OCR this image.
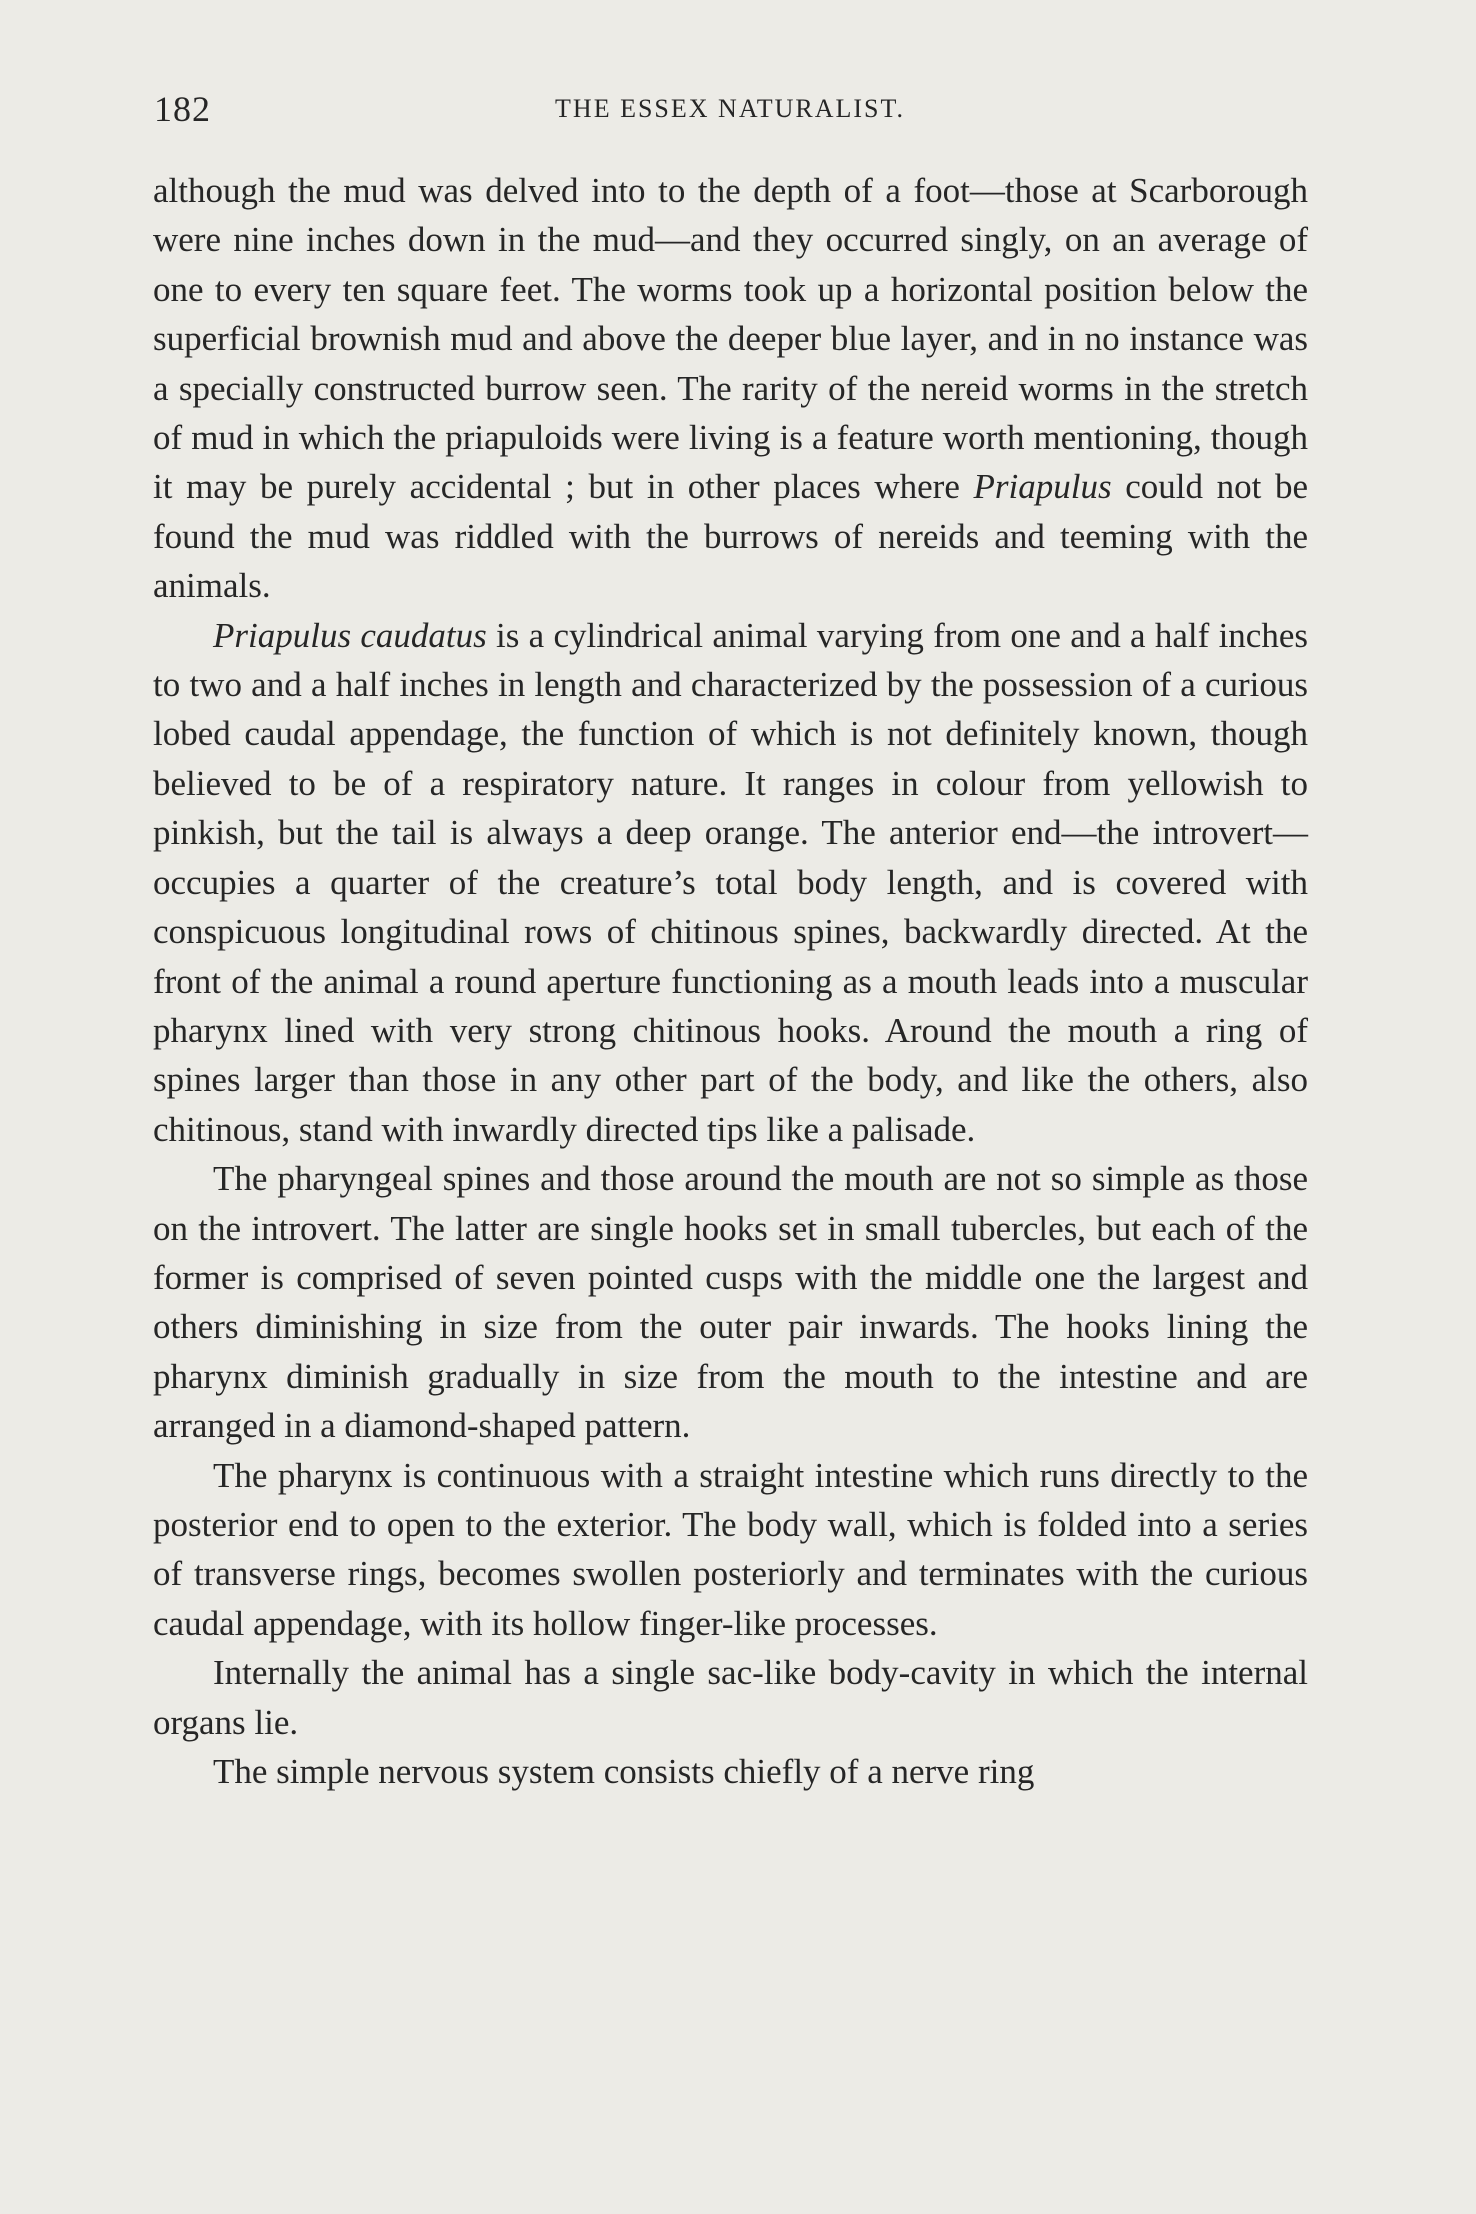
182	THE ESSEX NATURALIST.

although the mud was delved into to the depth of a foot—those at Scarborough were nine inches down in the mud—and they occurred singly, on an average of one to every ten square feet. The worms took up a horizontal position below the superficial brownish mud and above the deeper blue layer, and in no instance was a specially constructed burrow seen. The rarity of the nereid worms in the stretch of mud in which the priapuloids were living is a feature worth mentioning, though it may be purely accidental ; but in other places where Priapulus could not be found the mud was riddled with the burrows of nereids and teeming with the animals.

Priapulus caudatus is a cylindrical animal varying from one and a half inches to two and a half inches in length and characterized by the possession of a curious lobed caudal appendage, the function of which is not definitely known, though believed to be of a respiratory nature. It ranges in colour from yellowish to pinkish, but the tail is always a deep orange. The anterior end—the introvert—occupies a quarter of the creature’s total body length, and is covered with conspicuous longitudinal rows of chitinous spines, backwardly directed. At the front of the animal a round aperture functioning as a mouth leads into a muscular pharynx lined with very strong chitinous hooks. Around the mouth a ring of spines larger than those in any other part of the body, and like the others, also chitinous, stand with inwardly directed tips like a palisade.

The pharyngeal spines and those around the mouth are not so simple as those on the introvert. The latter are single hooks set in small tubercles, but each of the former is comprised of seven pointed cusps with the middle one the largest and others diminishing in size from the outer pair inwards. The hooks lining the pharynx diminish gradually in size from the mouth to the intestine and are arranged in a diamond-shaped pattern.

The pharynx is continuous with a straight intestine which runs directly to the posterior end to open to the exterior. The body wall, which is folded into a series of transverse rings, becomes swollen posteriorly and terminates with the curious caudal appendage, with its hollow finger-like processes.

Internally the animal has a single sac-like body-cavity in which the internal organs lie.

The simple nervous system consists chiefly of a nerve ring
